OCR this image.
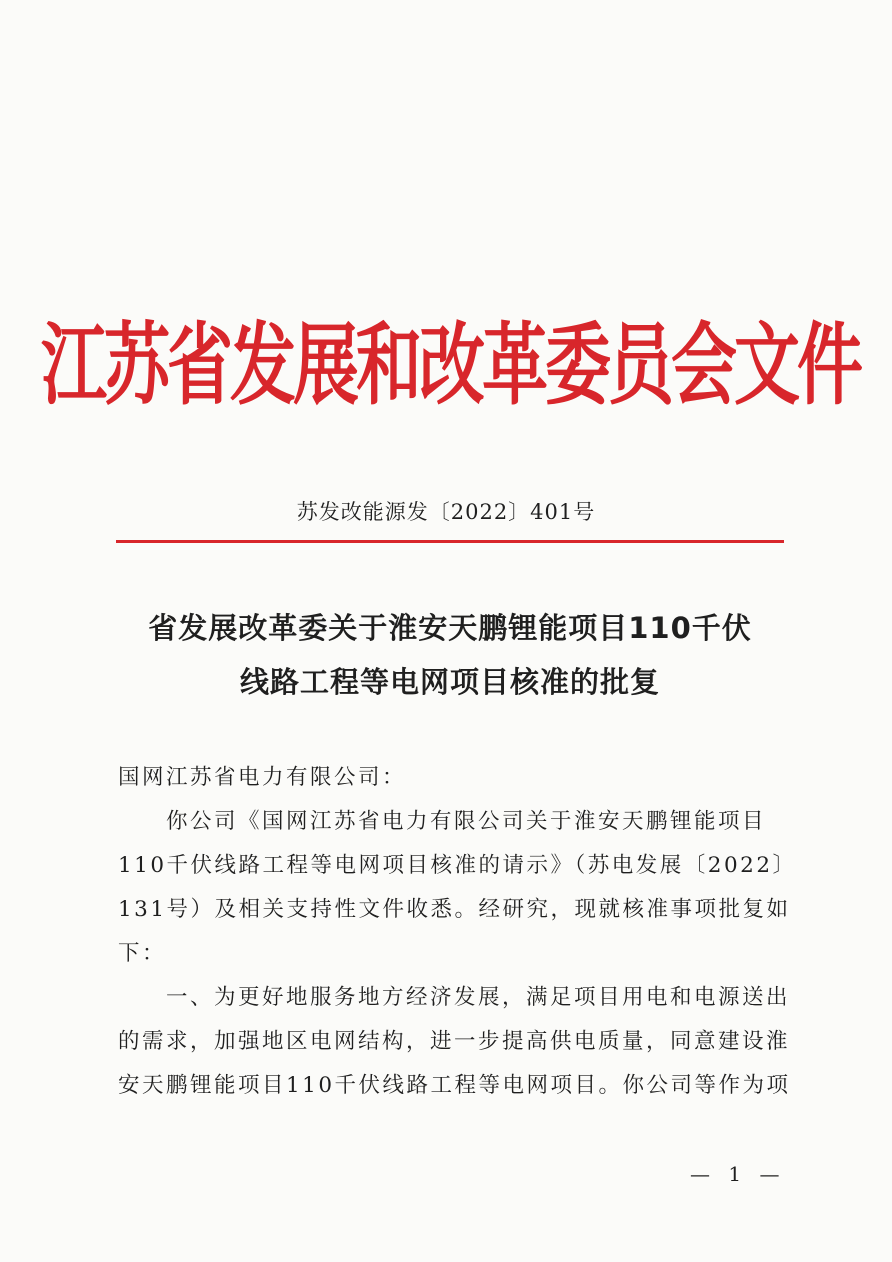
江苏省发展和改革委员会文件
苏发改能源发〔2022〕401号
省发展改革委关于淮安天鹏锂能项目110千伏
线路工程等电网项目核准的批复
国网江苏省电力有限公司：
你公司《国网江苏省电力有限公司关于淮安天鹏锂能项目
110千伏线路工程等电网项目核准的请示》（苏电发展〔2022〕
131号）及相关支持性文件收悉。经研究，现就核准事项批复如
下：
一、为更好地服务地方经济发展，满足项目用电和电源送出
的需求，加强地区电网结构，进一步提高供电质量，同意建设淮
安天鹏锂能项目110千伏线路工程等电网项目。你公司等作为项
— 1 —
